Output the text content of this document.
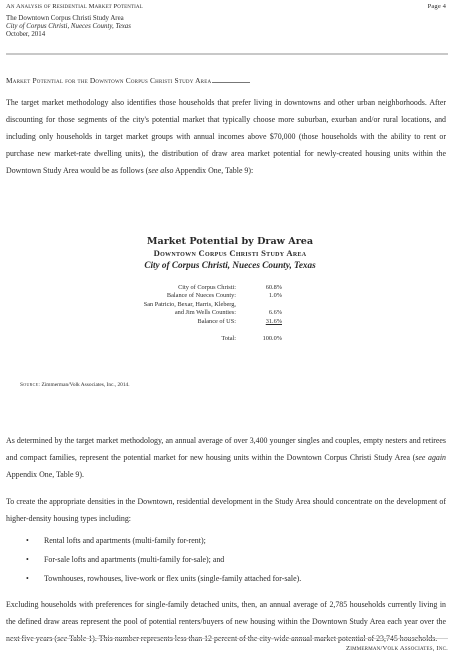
An Analysis of Residential Market Potential	Page 4
The Downtown Corpus Christi Study Area
City of Corpus Christi, Nueces County, Texas
October, 2014
Market Potential for the Downtown Corpus Christi Study Area
The target market methodology also identifies those households that prefer living in downtowns and other urban neighborhoods. After discounting for those segments of the city's potential market that typically choose more suburban, exurban and/or rural locations, and including only households in target market groups with annual incomes above $70,000 (those households with the ability to rent or purchase new market-rate dwelling units), the distribution of draw area market potential for newly-created housing units within the Downtown Study Area would be as follows (see also Appendix One, Table 9):
Market Potential by Draw Area
Downtown Corpus Christi Study Area
City of Corpus Christi, Nueces County, Texas
City of Corpus Christi:	60.8%
Balance of Nueces County:	1.0%
San Patricio, Bexar, Harris, Kleberg,
and Jim Wells Counties:	6.6%
Balance of US:	31.6%
Total:	100.0%
Source: Zimmerman/Volk Associates, Inc., 2014.
As determined by the target market methodology, an annual average of over 3,400 younger singles and couples, empty nesters and retirees and compact families, represent the potential market for new housing units within the Downtown Corpus Christi Study Area (see again Appendix One, Table 9).
To create the appropriate densities in the Downtown, residential development in the Study Area should concentrate on the development of higher-density housing types including:
• Rental lofts and apartments (multi-family for-rent);
• For-sale lofts and apartments (multi-family for-sale); and
• Townhouses, rowhouses, live-work or flex units (single-family attached for-sale).
Excluding households with preferences for single-family detached units, then, an annual average of 2,785 households currently living in the defined draw areas represent the pool of potential renters/buyers of new housing within the Downtown Study Area each year over the next five years (see Table 1). This number represents less than 12 percent of the city-wide annual market potential of 23,745 households.
Zimmerman/Volk Associates, Inc.
